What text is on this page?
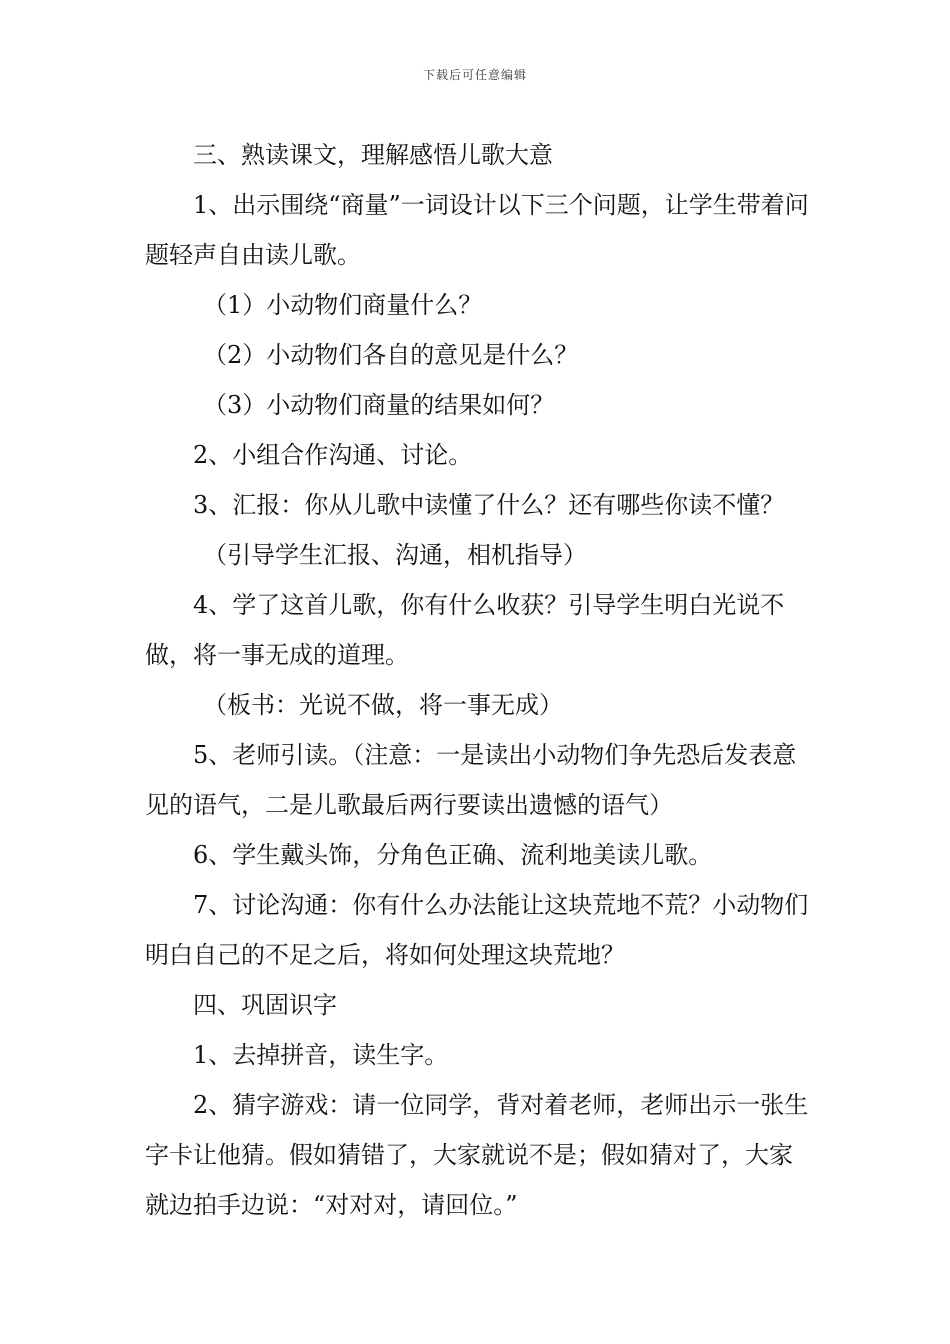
下载后可任意编辑

三、熟读课文，理解感悟儿歌大意

1、出示围绕“商量”一词设计以下三个问题，让学生带着问题轻声自由读儿歌。

（1）小动物们商量什么？

（2）小动物们各自的意见是什么？

（3）小动物们商量的结果如何？

2、小组合作沟通、讨论。

3、汇报：你从儿歌中读懂了什么？还有哪些你读不懂？

（引导学生汇报、沟通，相机指导）

4、学了这首儿歌，你有什么收获？引导学生明白光说不做，将一事无成的道理。

（板书：光说不做，将一事无成）

5、老师引读。（注意：一是读出小动物们争先恐后发表意见的语气，二是儿歌最后两行要读出遗憾的语气）

6、学生戴头饰，分角色正确、流利地美读儿歌。

7、讨论沟通：你有什么办法能让这块荒地不荒？小动物们明白自己的不足之后，将如何处理这块荒地？

四、巩固识字

1、去掉拼音，读生字。

2、猜字游戏：请一位同学，背对着老师，老师出示一张生字卡让他猜。假如猜错了，大家就说不是；假如猜对了，大家就边拍手边说：“对对对，请回位。”
